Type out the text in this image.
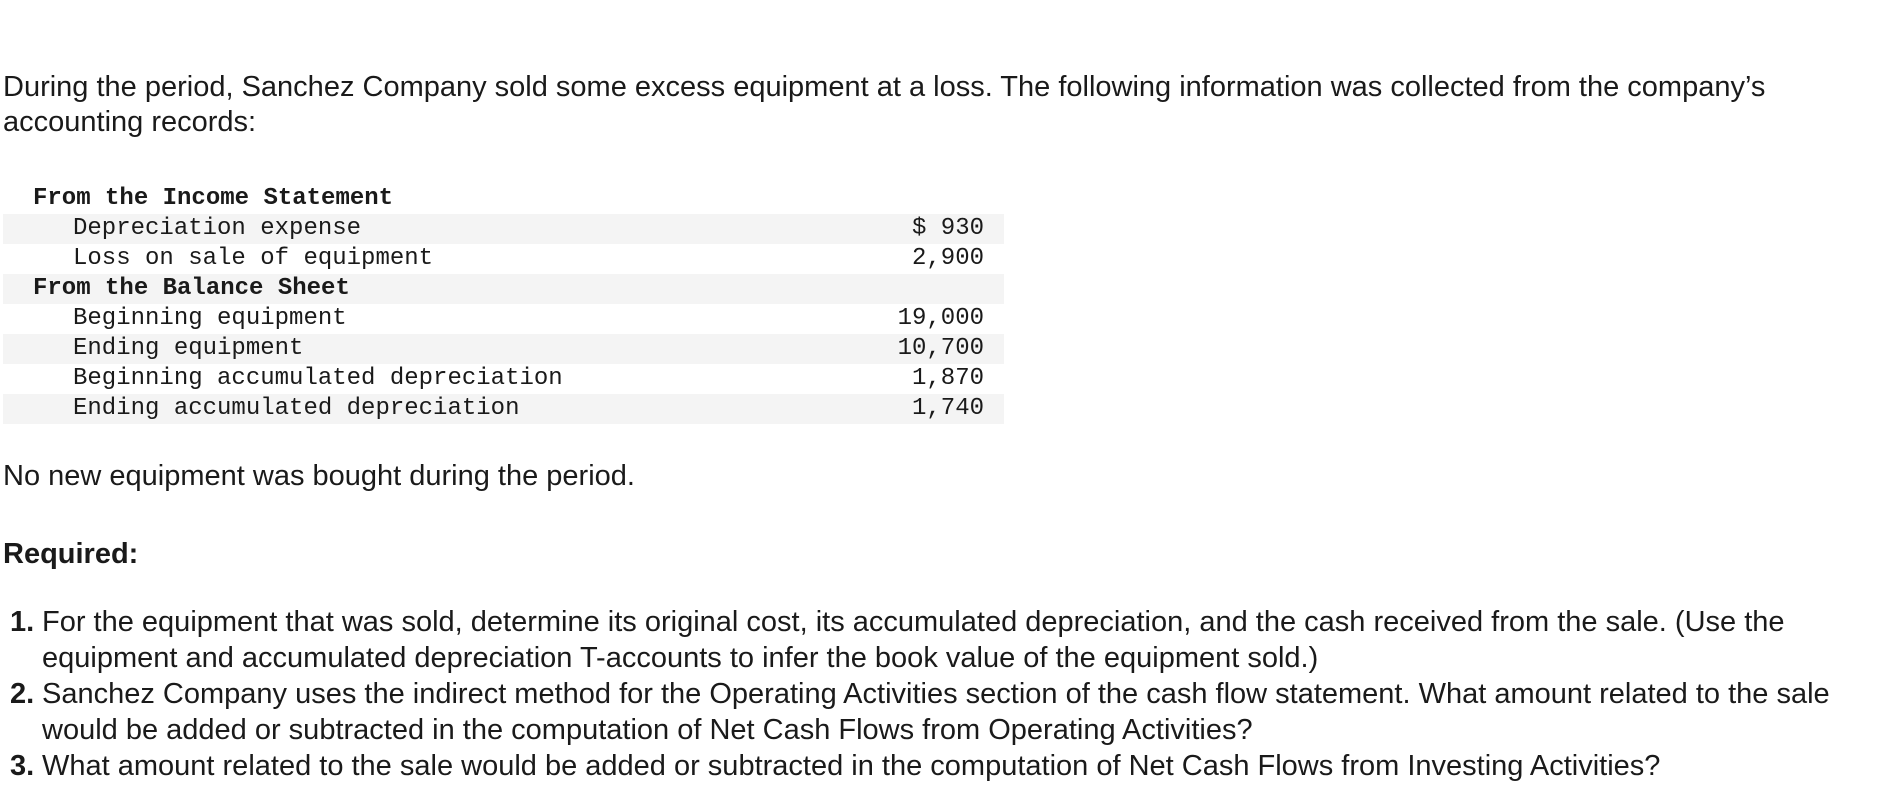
During the period, Sanchez Company sold some excess equipment at a loss. The following information was collected from the company’s accounting records:

From the Income Statement
Depreciation expense	$ 930
Loss on sale of equipment	2,900
From the Balance Sheet
Beginning equipment	19,000
Ending equipment	10,700
Beginning accumulated depreciation	1,870
Ending accumulated depreciation	1,740

No new equipment was bought during the period.

Required:

1. For the equipment that was sold, determine its original cost, its accumulated depreciation, and the cash received from the sale. (Use the equipment and accumulated depreciation T-accounts to infer the book value of the equipment sold.)
2. Sanchez Company uses the indirect method for the Operating Activities section of the cash flow statement. What amount related to the sale would be added or subtracted in the computation of Net Cash Flows from Operating Activities?
3. What amount related to the sale would be added or subtracted in the computation of Net Cash Flows from Investing Activities?
